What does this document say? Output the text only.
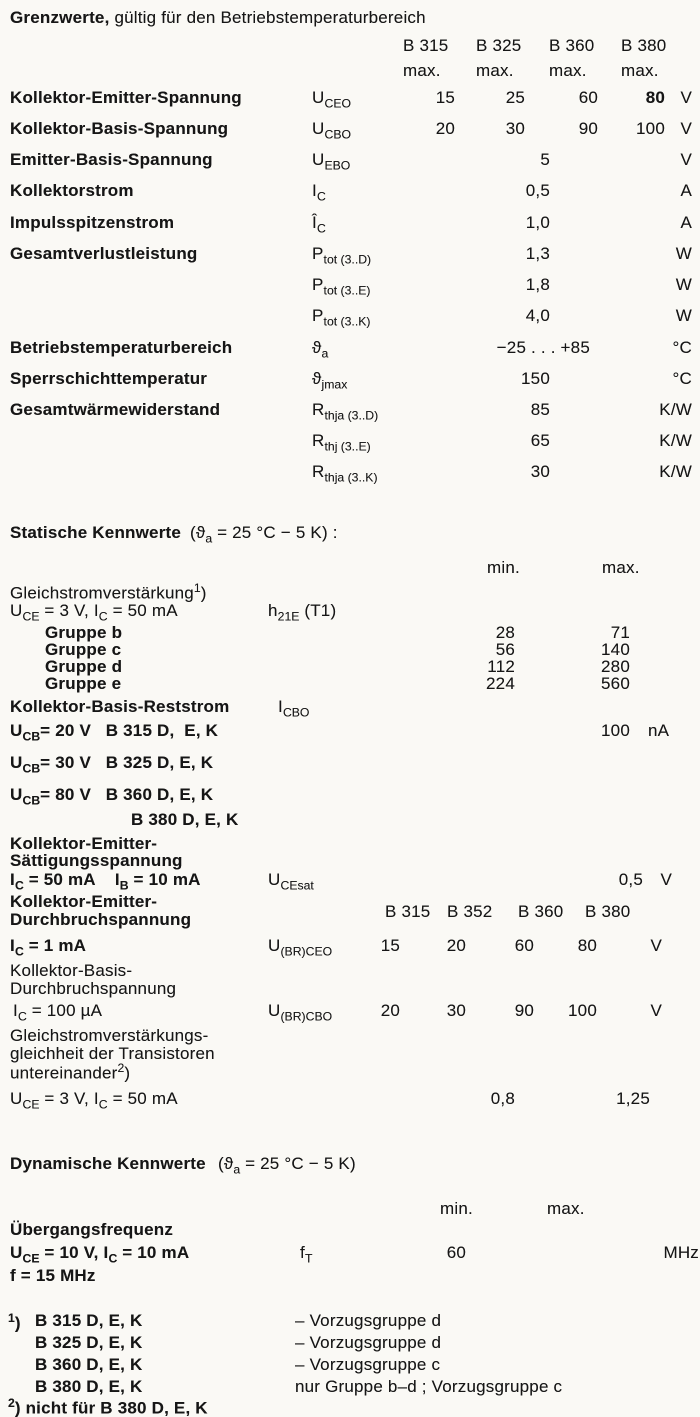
Grenzwerte, gültig für den Betriebstemperaturbereich
B 315 B 325 B 360 B 380
max. max. max. max.
Kollektor-Emitter-Spannung	$U_{CEO}$	15	25	60	80 V
Kollektor-Basis-Spannung	$U_{CBO}$	20	30	90	100 V
Emitter-Basis-Spannung	$U_{EBO}$	5	V
Kollektorstrom	$I_C$	0,5	A
Impulsspitzenstrom	$Î_C$	1,0	A
Gesamtverlustleistung	$P_{tot (3..D)}$	1,3	W
$P_{tot (3..E)}$	1,8	W
$P_{tot (3..K)}$	4,0	W
Betriebstemperaturbereich	$ϑ_a$	−25 . . . +85	°C
Sperrschichttemperatur	$ϑ_{jmax}$	150	°C
Gesamtwärmewiderstand	$R_{thja (3..D)}$	85	K/W
$R_{thj (3..E)}$	65	K/W
$R_{thja (3..K)}$	30	K/W
Statische Kennwerte ($ϑ_a = 25$ °C − 5 K) :
min.	max.
Gleichstromverstärkung$^1$)
$U_{CE} = 3$ V, $I_C = 50$ mA	$h_{21E}$ (T1)
Gruppe b	28	71
Gruppe c	56	140
Gruppe d	112	280
Gruppe e	224	560
Kollektor-Basis-Reststrom	$I_{CBO}$
$U_{CB}= 20$ V   B 315 D,  E, K	100 nA
$U_{CB}= 30$ V   B 325 D, E, K
$U_{CB}= 80$ V   B 360 D, E, K
B 380 D, E, K
Kollektor-Emitter-
Sättigungsspannung
$I_C = 50$ mA    $I_B = 10$ mA	$U_{CEsat}$	0,5	V
Kollektor-Emitter-
B 315 B 352 B 360 B 380
Durchbruchspannung
$I_C = 1$ mA	$U_{(BR)CEO}$	15	20	60	80	V
Kollektor-Basis-
Durchbruchspannung
$I_C = 100$ µA	$U_{(BR)CBO}$	20	30	90	100	V
Gleichstromverstärkungs-
gleichheit der Transistoren
untereinander$^2$)
$U_{CE} = 3$ V, $I_C = 50$ mA	0,8	1,25
Dynamische Kennwerte ($ϑ_a = 25$ °C − 5 K)
min.	max.
Übergangsfrequenz
$U_{CE} = 10$ V, $I_C = 10$ mA	$f_T$	60	MHz
f = 15 MHz
$^1$) B 315 D, E, K	– Vorzugsgruppe d
B 325 D, E, K	– Vorzugsgruppe d
B 360 D, E, K	– Vorzugsgruppe c
B 380 D, E, K	nur Gruppe b–d ; Vorzugsgruppe c
$^2$) nicht für B 380 D, E, K
